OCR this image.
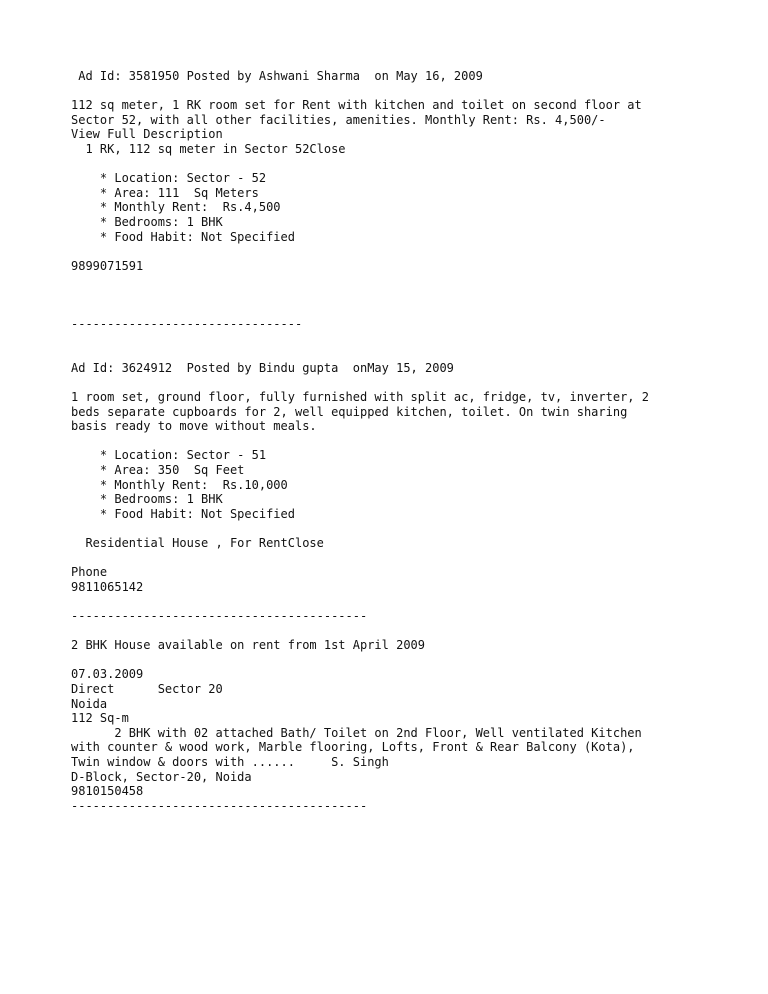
Ad Id: 3581950 Posted by Ashwani Sharma  on May 16, 2009
112 sq meter, 1 RK room set for Rent with kitchen and toilet on second floor at
Sector 52, with all other facilities, amenities. Monthly Rent: Rs. 4,500/-
View Full Description
1 RK, 112 sq meter in Sector 52Close
* Location: Sector - 52
* Area: 111  Sq Meters
* Monthly Rent:  Rs.4,500
* Bedrooms: 1 BHK
* Food Habit: Not Specified
9899071591
--------------------------------
Ad Id: 3624912  Posted by Bindu gupta  onMay 15, 2009
1 room set, ground floor, fully furnished with split ac, fridge, tv, inverter, 2
beds separate cupboards for 2, well equipped kitchen, toilet. On twin sharing
basis ready to move without meals.
* Location: Sector - 51
* Area: 350  Sq Feet
* Monthly Rent:  Rs.10,000
* Bedrooms: 1 BHK
* Food Habit: Not Specified
Residential House , For RentClose
Phone
9811065142
-----------------------------------------
2 BHK House available on rent from 1st April 2009
07.03.2009
Direct      Sector 20
Noida
112 Sq-m
2 BHK with 02 attached Bath/ Toilet on 2nd Floor, Well ventilated Kitchen
with counter & wood work, Marble flooring, Lofts, Front & Rear Balcony (Kota),
Twin window & doors with ......     S. Singh
D-Block, Sector-20, Noida
9810150458
-----------------------------------------
